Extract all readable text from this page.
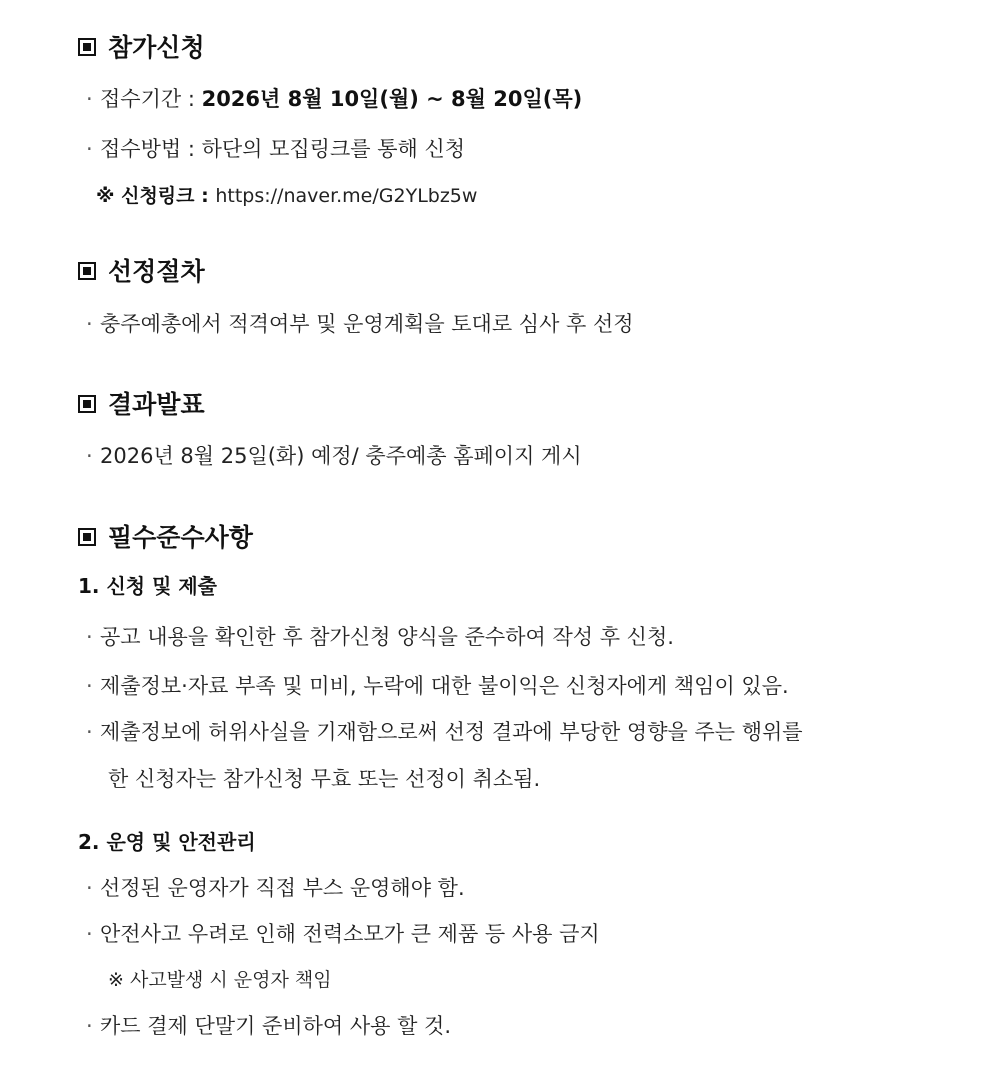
참가신청
· 접수기간 : 2026년 8월 10일(월) ~ 8월 20일(목)
· 접수방법 : 하단의 모집링크를 통해 신청
※ 신청링크 : https://naver.me/G2YLbz5w
선정절차
· 충주예총에서 적격여부 및 운영계획을 토대로 심사 후 선정
결과발표
· 2026년 8월 25일(화) 예정/ 충주예총 홈페이지 게시
필수준수사항
1. 신청 및 제출
· 공고 내용을 확인한 후 참가신청 양식을 준수하여 작성 후 신청.
· 제출정보·자료 부족 및 미비, 누락에 대한 불이익은 신청자에게 책임이 있음.
· 제출정보에 허위사실을 기재함으로써 선정 결과에 부당한 영향을 주는 행위를
한 신청자는 참가신청 무효 또는 선정이 취소됨.
2. 운영 및 안전관리
· 선정된 운영자가 직접 부스 운영해야 함.
· 안전사고 우려로 인해 전력소모가 큰 제품 등 사용 금지
※ 사고발생 시 운영자 책임
· 카드 결제 단말기 준비하여 사용 할 것.
